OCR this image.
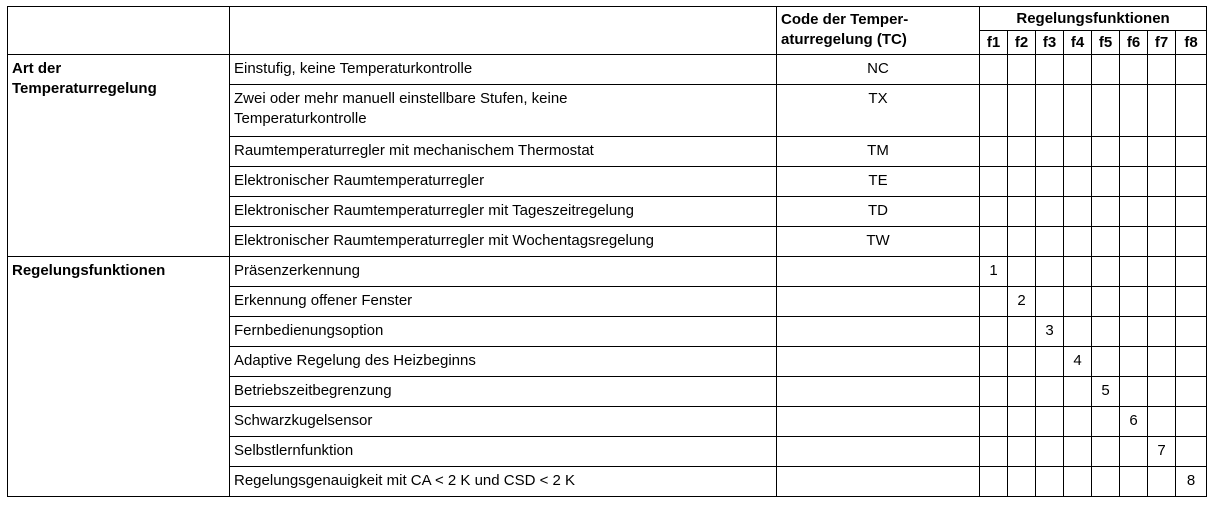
		Code der Temper-
aturregelung (TC)	Regelungsfunktionen							
			f1	f2	f3	f4	f5	f6	f7	f8

Art der
Temperaturregelung	Einstufig, keine Temperaturkontrolle	NC								

	Zwei oder mehr manuell einstellbare Stufen, keine
Temperaturkontrolle	TX								
	Raumtemperaturregler mit mechanischem Thermostat	TM								
	Elektronischer Raumtemperaturregler	TE								
	Elektronischer Raumtemperaturregler mit Tageszeitregelung	TD								
	Elektronischer Raumtemperaturregler mit Wochentagsregelung	TW								
Regelungsfunktionen	Präsenzerkennung		1							
	Erkennung offener Fenster			2						
	Fernbedienungsoption				3					
	Adaptive Regelung des Heizbeginns					4				
	Betriebszeitbegrenzung						5			
	Schwarzkugelsensor							6		
	Selbstlernfunktion								7	
	Regelungsgenauigkeit mit CA < 2 K und CSD < 2 K									8
